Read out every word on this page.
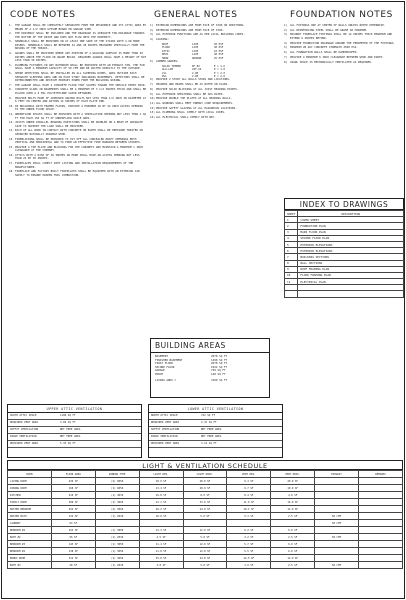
CODE NOTES
1. THE GARAGE SHALL BE COMPLETELY SEPARATED FROM THE RESIDENCE AND ITS ATTIC AREA BY MEANS OF A 1/2 INCH GYPSUM BOARD ON GARAGE SIDE.
2. THE DRIVEWAY SHALL BE INCLINED AND THE DRAINAGE IS ADEQUATE FOR DRAINAGE TOWARDS THE BOTTOM OF THE DRIVE AND DOES NOT FLOW ONTO THE PROPERTY.
3. HANDRAILS SHALL BE PROVIDED ON AT LEAST ONE SIDE OF THE STAIRS WITH 4 OR MORE RISERS. HANDRAILS SHALL BE BETWEEN 34 AND 38 INCHES MEASURED VERTICALLY FROM THE NOSING OF THE TREADS.
4. GUARDS SHALL BE PROVIDED WHERE ANY PORTION OF A WALKING SURFACE IS MORE THAN 30 INCHES ABOVE THE FLOOR OR GRADE BELOW. REQUIRED GUARDS SHALL HAVE A HEIGHT OF NOT LESS THAN 36 INCHES.
5. PLUMBING FIXTURES IN ANY BATHROOM SHALL BE PROVIDED WITH AN EXHAUST FAN. THE FAN SHALL HAVE A MINIMUM CAPACITY OF 50 CFM AND BE DUCTED DIRECTLY TO THE OUTSIDE.
6. SMOKE DETECTORS SHALL BE INSTALLED IN ALL SLEEPING ROOMS, AREA OUTSIDE EACH SEPARATE SLEEPING AREA AND ON EACH STORY INCLUDING BASEMENTS. DETECTORS SHALL BE INTERCONNECTED AND RECEIVE PRIMARY POWER FROM THE BUILDING WIRING.
7. THE GARAGE SHALL HAVE A CONCRETE FLOOR THAT SLOPES TOWARD THE VEHICLE ENTRY DOOR.
8. CONCRETE SLABS IN BASEMENTS SHALL BE A MINIMUM OF 3 1/2 INCHES THICK AND SHALL BE PLACED OVER A 6 MIL POLYETHYLENE VAPOR RETARDER.
9. PROVIDE BOLTS MADE OF APPROVED ANCHOR BOLTS NOT LESS THAN 1/2 INCH IN DIAMETER AT 6 FEET ON CENTER AND WITHIN 12 INCHES OF EACH PLATE END.
10. IN BUILDINGS WITH FRAMED FLOORS, PROVIDE A MINIMUM 18 BY 24 INCH ACCESS OPENING TO THE UNDER FLOOR SPACE.
11. UNDERFLOOR SPACES SHALL BE PROVIDED WITH A VENTILATION OPENING NOT LESS THAN 1 SQ FT FOR EACH 150 SQ FT OF UNDERFLOOR SPACE AREA.
12. JOISTS UNDER PARALLEL BEARING PARTITIONS SHALL BE DOUBLED OR A BEAM OF ADEQUATE SIZE TO SUPPORT THE LOAD SHALL BE PROVIDED.
13. EACH OF ALL WOOD IN CONTACT WITH CONCRETE OR EARTH SHALL BE PRESSURE TREATED OR APPROVED NATURALLY DURABLE WOOD.
14. FIREBLOCKING SHALL BE PROVIDED TO CUT OFF ALL CONCEALED DRAFT OPENINGS BOTH VERTICAL AND HORIZONTAL AND TO FORM AN EFFECTIVE FIRE BARRIER BETWEEN STORIES.
15. PROVIDE A TOP PLATE AND BLOCKING FOR THE CABINETS AND MAINTAIN A MINIMUM 1 INCH CLEARANCE AT THE CHIMNEY.
16. ATTICS WITH A RISE OF 30 INCHES OR MORE SHALL HAVE AN ACCESS OPENING NOT LESS THAN 22 BY 30 INCHES.
17. FIREPLACES SHALL COMPLY WITH LISTING AND INSTALLATION REQUIREMENTS OF THE MANUFACTURER.
18. FIREPLACE AND FACTORY BUILT FIREPLACES SHALL BE EQUIPPED WITH AN EXTERIOR AIR SUPPLY TO ENSURE PROPER FUEL COMBUSTION.
GENERAL NOTES
1) EXTERIOR DIMENSIONS ARE FROM FACE OF STUD OR SHEATHING.
2) INTERIOR DIMENSIONS ARE FROM FACE OF STUD.
3) ALL EXTERIOR FUNCTIONS ARE AS PER LOCAL BUILDING CODES.
4) LOADING:
ROOF	LIVE	20 PSF
FLOOR	LIVE	40 PSF
ATTIC	LIVE	10 PSF
DECK	LIVE	40 PSF
SNOW	GROUND	25 PSF
5) LUMBER GRADES:
SOLID TIMBER	DF #2	E = 1.6
GLU-LAM	24F-V4	E = 1.8
LVL	2.0E	E = 2.0
PSL	2.0E	E = 2.0
6) PROVIDE 2 STORY ALL WALLS STUDS AND LOCATIONS.
7) HEADERS AND BEAMS SHALL BE AS NOTED ON PLANS.
8) PROVIDE SOLID BLOCKING AT ALL JOIST BEARING POINTS.
9) ALL EXTERIOR SHEATHING SHALL BE APA RATED.
10) PROVIDE DOUBLE TOP PLATES AT ALL BEARING WALLS.
11) ALL WINDOWS SHALL MEET ENERGY CODE REQUIREMENTS.
12) PROVIDE SAFETY GLAZING AT ALL HAZARDOUS LOCATIONS.
13) ALL PLUMBING SHALL COMPLY WITH LOCAL CODES.
14) ALL ELECTRICAL SHALL COMPLY WITH NEC.
FOUNDATION NOTES
1) ALL FOOTINGS ARE AT CENTER OF WALLS UNLESS NOTED OTHERWISE.
2) ALL REINFORCING STEEL SHALL BE GRADE 60 MINIMUM.
3) MASONRY FIREPLACE FOOTINGS SHALL BE 12 INCHES THICK MINIMUM AND EXTEND 6 INCHES BEYOND.
4) PROVIDE FOUNDATION DRAINAGE AROUND THE PERIMETER OF THE FOOTINGS.
5) MINIMUM 28 DAY CONCRETE STRENGTH 2500 PSI.
6) ALL FOUNDATION WALLS SHALL BE DAMPPROOFED.
7) PROVIDE A MINIMUM 6 INCH CLEARANCE BETWEEN WOOD AND EARTH.
8) CRAWL SPACE IS MECHANICALLY VENTILATED AS REQUIRED.
INDEX TO DRAWINGS
SHEET	DESCRIPTION
1	COVER SHEET
2	FOUNDATION PLAN
3	MAIN FLOOR PLAN
4	SECOND FLOOR PLAN
5	EXTERIOR ELEVATIONS
6	EXTERIOR ELEVATIONS
7	BUILDING SECTIONS
8	WALL SECTIONS
9	ROOF FRAMING PLAN
10	FLOOR FRAMING PLAN
11	ELECTRICAL PLAN

BUILDING AREAS
BASEMENT	2078 SQ FT
FINISHED BASEMENT	1498 SQ FT
FIRST FLOOR	2078 SQ FT
SECOND FLOOR	1022 SQ FT
GARAGE	729 SQ FT
PORCH	148 SQ FT
LIVING AREA =	3100 SQ FT
UPPER ATTIC VENTILATION
SOUTH ATTIC SPACE	1108 SQ FT
REQUIRED VENT AREA	3.69 SQ FT
SOFFIT VENTILATION	NET FREE AREA
RIDGE VENTILATION	NET FREE AREA
PROVIDED VENT AREA	5.33 SQ FT
LOWER ATTIC VENTILATION
NORTH ATTIC SPACE	742 SQ FT
REQUIRED VENT AREA	2.47 SQ FT
SOFFIT VENTILATION	NET FREE AREA
RIDGE VENTILATION	NET FREE AREA
PROVIDED VENT AREA	3.12 SQ FT
LIGHT & VENTILATION SCHEDULE
ROOM	FLOOR AREA	WINDOW TYPE	LIGHT REQ.	LIGHT PROV.	VENT REQ.	VENT PROV.	EXHAUST	REMARKS
LIVING ROOM	236 SF	(2) 6050	18.9 SF	40.0 SF	9.4 SF	20.0 SF		
DINING ROOM	168 SF	(1) 6050	13.4 SF	20.0 SF	6.7 SF	10.0 SF		
KITCHEN	210 SF	(1) 4030	16.8 SF	8.0 SF	8.4 SF	4.0 SF		
FAMILY ROOM	289 SF	(3) 3060	23.1 SF	33.6 SF	11.6 SF	16.8 SF		
MASTER BEDROOM	252 SF	(2) 3050	20.2 SF	24.0 SF	10.1 SF	12.0 SF		
MASTER BATH	132 SF	(1) 2030	10.6 SF	5.0 SF	5.3 SF	2.5 SF	50 CFM	
LAUNDRY	64 SF						50 CFM	
BEDROOM #2	154 SF	(1) 3050	12.3 SF	12.0 SF	6.2 SF	6.0 SF		
BATH #2	56 SF	(1) 2030	4.5 SF	5.0 SF	2.2 SF	2.5 SF	50 CFM	
BEDROOM #3	143 SF	(1) 3050	11.4 SF	12.0 SF	5.7 SF	6.0 SF		
BEDROOM #4	138 SF	(1) 3050	11.0 SF	12.0 SF	5.5 SF	6.0 SF		
BONUS ROOM	312 SF	(2) 3050	25.0 SF	24.0 SF	12.5 SF	12.0 SF		
BATH #3	48 SF	(1) 2030	3.8 SF	5.0 SF	1.9 SF	2.5 SF	50 CFM	
